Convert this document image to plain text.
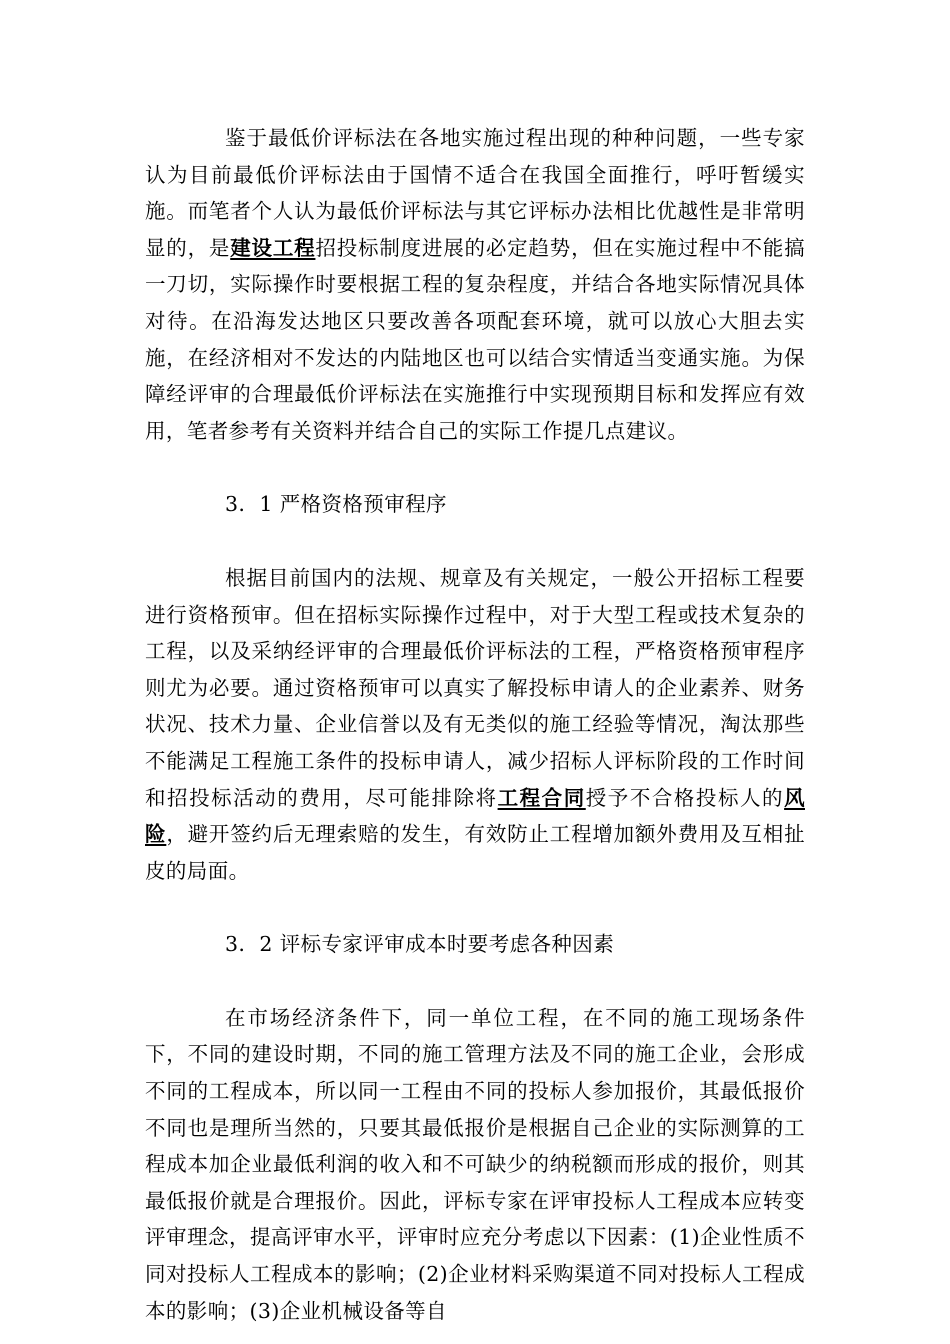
鉴于最低价评标法在各地实施过程出现的种种问题，一些专家认为目前最低价评标法由于国情不适合在我国全面推行，呼吁暂缓实施。而笔者个人认为最低价评标法与其它评标办法相比优越性是非常明显的，是建设工程招投标制度进展的必定趋势，但在实施过程中不能搞一刀切，实际操作时要根据工程的复杂程度，并结合各地实际情况具体对待。在沿海发达地区只要改善各项配套环境，就可以放心大胆去实施，在经济相对不发达的内陆地区也可以结合实情适当变通实施。为保障经评审的合理最低价评标法在实施推行中实现预期目标和发挥应有效用，笔者参考有关资料并结合自己的实际工作提几点建议。

3．1 严格资格预审程序

根据目前国内的法规、规章及有关规定，一般公开招标工程要进行资格预审。但在招标实际操作过程中，对于大型工程或技术复杂的工程，以及采纳经评审的合理最低价评标法的工程，严格资格预审程序则尤为必要。通过资格预审可以真实了解投标申请人的企业素养、财务状况、技术力量、企业信誉以及有无类似的施工经验等情况，淘汰那些不能满足工程施工条件的投标申请人，减少招标人评标阶段的工作时间和招投标活动的费用，尽可能排除将工程合同授予不合格投标人的风险，避开签约后无理索赔的发生，有效防止工程增加额外费用及互相扯皮的局面。

3．2 评标专家评审成本时要考虑各种因素

在市场经济条件下，同一单位工程，在不同的施工现场条件下，不同的建设时期，不同的施工管理方法及不同的施工企业，会形成不同的工程成本，所以同一工程由不同的投标人参加报价，其最低报价不同也是理所当然的，只要其最低报价是根据自己企业的实际测算的工程成本加企业最低利润的收入和不可缺少的纳税额而形成的报价，则其最低报价就是合理报价。因此，评标专家在评审投标人工程成本应转变评审理念，提高评审水平，评审时应充分考虑以下因素：(1)企业性质不同对投标人工程成本的影响；(2)企业材料采购渠道不同对投标人工程成本的影响；(3)企业机械设备等自
